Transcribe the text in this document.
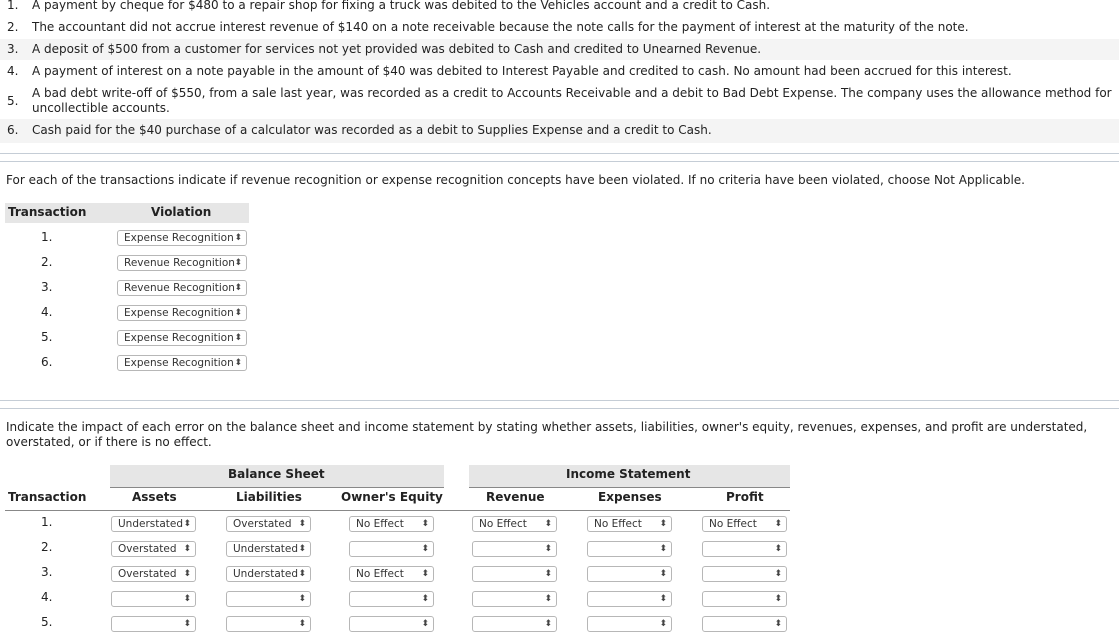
1. A payment by cheque for $480 to a repair shop for fixing a truck was debited to the Vehicles account and a credit to Cash.
2. The accountant did not accrue interest revenue of $140 on a note receivable because the note calls for the payment of interest at the maturity of the note.
3. A deposit of $500 from a customer for services not yet provided was debited to Cash and credited to Unearned Revenue.
4. A payment of interest on a note payable in the amount of $40 was debited to Interest Payable and credited to cash. No amount had been accrued for this interest.
5.
A bad debt write-off of $550, from a sale last year, was recorded as a credit to Accounts Receivable and a debit to Bad Debt Expense. The company uses the allowance method for uncollectible accounts.
6. Cash paid for the $40 purchase of a calculator was recorded as a debit to Supplies Expense and a credit to Cash.
For each of the transactions indicate if revenue recognition or expense recognition concepts have been violated. If no criteria have been violated, choose Not Applicable.
Transaction	Violation
1.	Expense Recognition ⬍
2.	Revenue Recognition ⬍
3.	Revenue Recognition ⬍
4.	Expense Recognition ⬍
5.	Expense Recognition ⬍
6.	Expense Recognition ⬍
Indicate the impact of each error on the balance sheet and income statement by stating whether assets, liabilities, owner's equity, revenues, expenses, and profit are understated, overstated, or if there is no effect.
Balance Sheet	Income Statement
Transaction	Assets	Liabilities	Owner's Equity	Revenue	Expenses	Profit
1.	Understated ⬍	Overstated ⬍	No Effect ⬍	No Effect ⬍	No Effect ⬍	No Effect ⬍
2.	Overstated ⬍	Understated ⬍	⬍	⬍	⬍	⬍
3.	Overstated ⬍	Understated ⬍	No Effect ⬍	⬍	⬍	⬍
4.	⬍	⬍	⬍	⬍	⬍	⬍
5.	⬍	⬍	⬍	⬍	⬍	⬍
